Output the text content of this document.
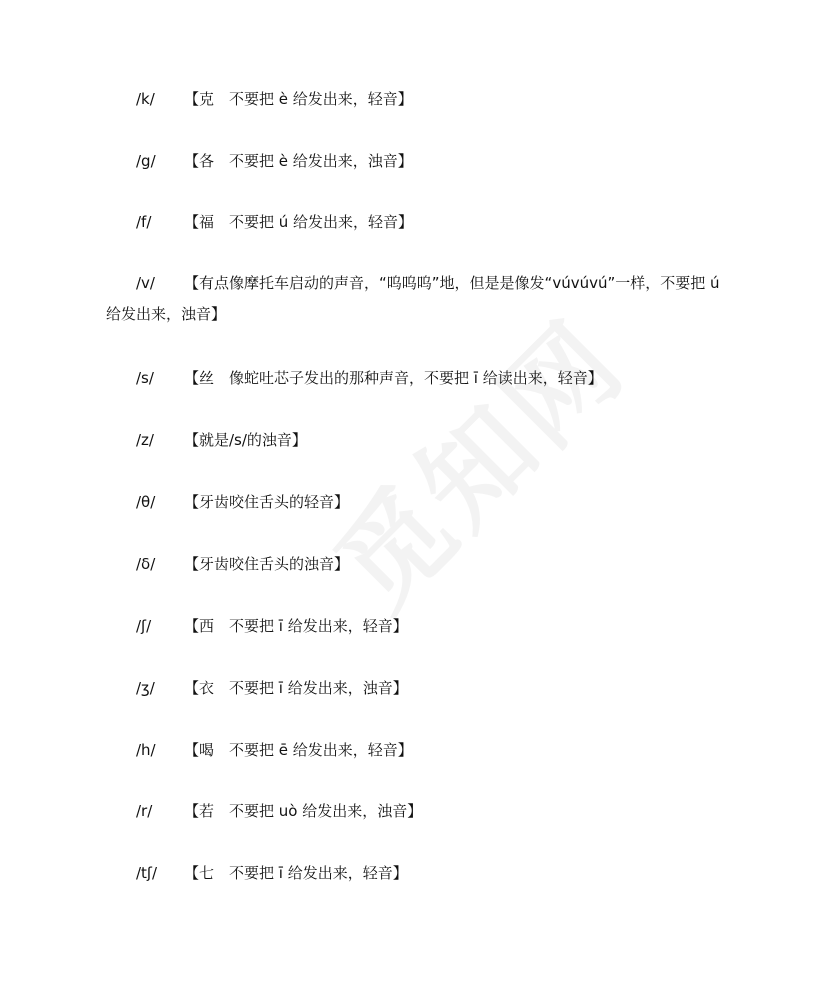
/k/ 【克　不要把 è 给发出来，轻音】
/g/ 【各　不要把 è 给发出来，浊音】
/f/ 【福　不要把 ú 给发出来，轻音】
/v/ 【有点像摩托车启动的声音，“呜呜呜”地，但是是像发“vúvúvú”一样，不要把 ú 给发出来，浊音】
/s/ 【丝　像蛇吐芯子发出的那种声音，不要把 ī 给读出来，轻音】
/z/ 【就是/s/的浊音】
/θ/ 【牙齿咬住舌头的轻音】
/δ/ 【牙齿咬住舌头的浊音】
/ʃ/ 【西　不要把 ī 给发出来，轻音】
/ʒ/ 【衣　不要把 ī 给发出来，浊音】
/h/ 【喝　不要把 ē 给发出来，轻音】
/r/ 【若　不要把 uò 给发出来，浊音】
/tʃ/ 【七　不要把 ī 给发出来，轻音】
